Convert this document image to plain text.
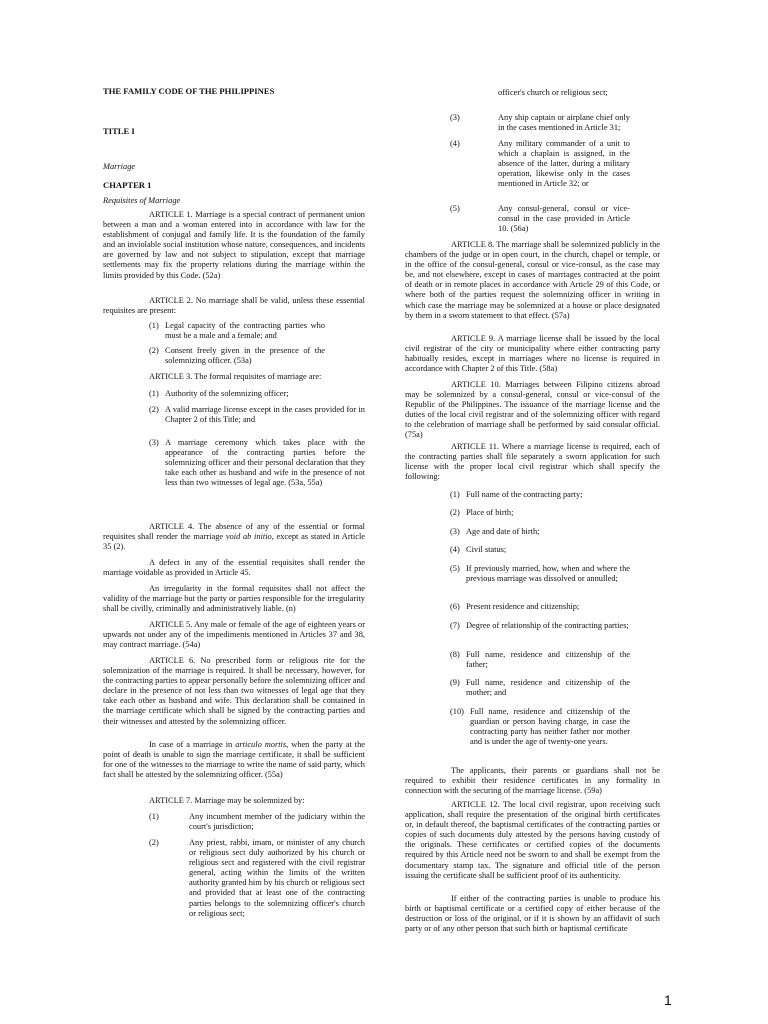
THE FAMILY CODE OF THE PHILIPPINES

TITLE I

Marriage

CHAPTER 1

Requisites of Marriage

ARTICLE 1. Marriage is a special contract of permanent union between a man and a woman entered into in accordance with law for the establishment of conjugal and family life. It is the foundation of the family and an inviolable social institution whose nature, consequences, and incidents are governed by law and not subject to stipulation, except that marriage settlements may fix the property relations during the marriage within the limits provided by this Code. (52a)

ARTICLE 2. No marriage shall be valid, unless these essential requisites are present:

(1) Legal capacity of the contracting parties who must be a male and a female; and
(2) Consent freely given in the presence of the solemnizing officer. (53a)

ARTICLE 3. The formal requisites of marriage are:

(1) Authority of the solemnizing officer;
(2) A valid marriage license except in the cases provided for in Chapter 2 of this Title; and
(3) A marriage ceremony which takes place with the appearance of the contracting parties before the solemnizing officer and their personal declaration that they take each other as husband and wife in the presence of not less than two witnesses of legal age. (53a, 55a)

ARTICLE 4. The absence of any of the essential or formal requisites shall render the marriage void ab initio, except as stated in Article 35 (2).

A defect in any of the essential requisites shall render the marriage voidable as provided in Article 45.

An irregularity in the formal requisites shall not affect the validity of the marriage but the party or parties responsible for the irregularity shall be civilly, criminally and administratively liable. (n)

ARTICLE 5. Any male or female of the age of eighteen years or upwards not under any of the impediments mentioned in Articles 37 and 38, may contract marriage. (54a)

ARTICLE 6. No prescribed form or religious rite for the solemnization of the marriage is required. It shall be necessary, however, for the contracting parties to appear personally before the solemnizing officer and declare in the presence of not less than two witnesses of legal age that they take each other as husband and wife. This declaration shall be contained in the marriage certificate which shall be signed by the contracting parties and their witnesses and attested by the solemnizing officer.

In case of a marriage in articulo mortis, when the party at the point of death is unable to sign the marriage certificate, it shall be sufficient for one of the witnesses to the marriage to write the name of said party, which fact shall be attested by the solemnizing officer. (55a)

ARTICLE 7. Marriage may be solemnized by:

(1)	Any incumbent member of the judiciary within the court's jurisdiction;
(2)	Any priest, rabbi, imam, or minister of any church or religious sect duly authorized by his church or religious sect and registered with the civil registrar general, acting within the limits of the written authority granted him by his church or religious sect and provided that at least one of the contracting parties belongs to the solemnizing officer's church or religious sect;

officer's church or religious sect;

(3)	Any ship captain or airplane chief only in the cases mentioned in Article 31;
(4)	Any military commander of a unit to which a chaplain is assigned, in the absence of the latter, during a military operation, likewise only in the cases mentioned in Article 32; or
(5)	Any consul-general, consul or vice-consul in the case provided in Article 10. (56a)

ARTICLE 8. The marriage shall be solemnized publicly in the chambers of the judge or in open court, in the church, chapel or temple, or in the office of the consul-general, consul or vice-consul, as the case may be, and not elsewhere, except in cases of marriages contracted at the point of death or in remote places in accordance with Article 29 of this Code, or where both of the parties request the solemnizing officer in writing in which case the marriage may be solemnized at a house or place designated by them in a sworn statement to that effect. (57a)

ARTICLE 9. A marriage license shall be issued by the local civil registrar of the city or municipality where either contracting party habitually resides, except in marriages where no license is required in accordance with Chapter 2 of this Title. (58a)

ARTICLE 10. Marriages between Filipino citizens abroad may be solemnized by a consul-general, consul or vice-consul of the Republic of the Philippines. The issuance of the marriage license and the duties of the local civil registrar and of the solemnizing officer with regard to the celebration of marriage shall be performed by said consular official. (75a)

ARTICLE 11. Where a marriage license is required, each of the contracting parties shall file separately a sworn application for such license with the proper local civil registrar which shall specify the following:

(1) Full name of the contracting party;
(2) Place of birth;
(3) Age and date of birth;
(4) Civil status;
(5) If previously married, how, when and where the previous marriage was dissolved or annulled;
(6) Present residence and citizenship;
(7) Degree of relationship of the contracting parties;
(8) Full name, residence and citizenship of the father;
(9) Full name, residence and citizenship of the mother; and
(10) Full name, residence and citizenship of the guardian or person having charge, in case the contracting party has neither father nor mother and is under the age of twenty-one years.

The applicants, their parents or guardians shall not be required to exhibit their residence certificates in any formality in connection with the securing of the marriage license. (59a)

ARTICLE 12. The local civil registrar, upon receiving such application, shall require the presentation of the original birth certificates or, in default thereof, the baptismal certificates of the contracting parties or copies of such documents duly attested by the persons having custody of the originals. These certificates or certified copies of the documents required by this Article need not be sworn to and shall be exempt from the documentary stamp tax. The signature and official title of the person issuing the certificate shall be sufficient proof of its authenticity.

If either of the contracting parties is unable to produce his birth or baptismal certificate or a certified copy of either because of the destruction or loss of the original, or if it is shown by an affidavit of such party or of any other person that such birth or baptismal certificate

1
